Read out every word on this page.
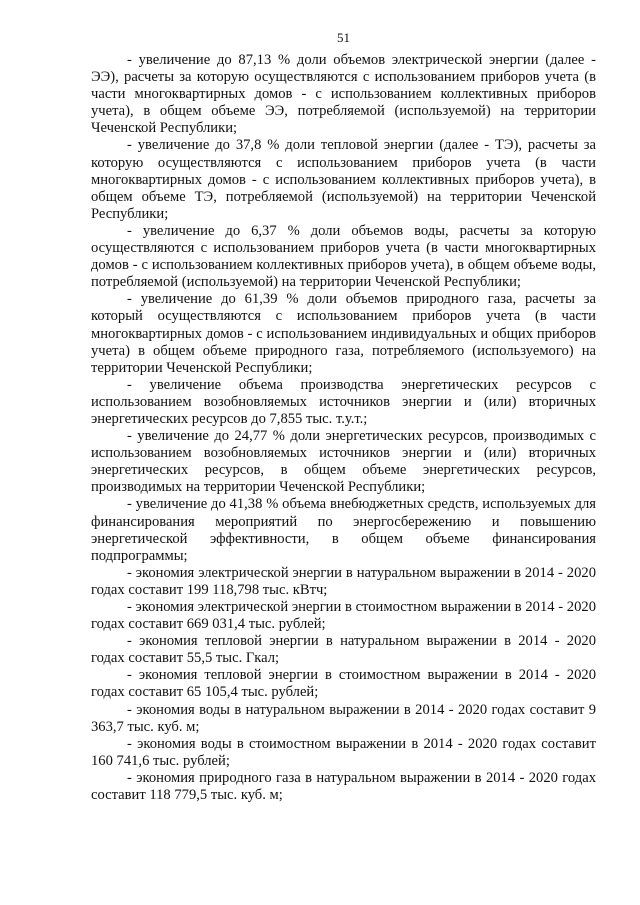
51

- увеличение до 87,13 % доли объемов электрической энергии (далее - ЭЭ), расчеты за которую осуществляются с использованием приборов учета (в части многоквартирных домов - с использованием коллективных приборов учета), в общем объеме ЭЭ, потребляемой (используемой) на территории Чеченской Республики;

- увеличение до 37,8 % доли тепловой энергии (далее - ТЭ), расчеты за которую осуществляются с использованием приборов учета (в части многоквартирных домов - с использованием коллективных приборов учета), в общем объеме ТЭ, потребляемой (используемой) на территории Чеченской Республики;

- увеличение до 6,37 % доли объемов воды, расчеты за которую осуществляются с использованием приборов учета (в части многоквартирных домов - с использованием коллективных приборов учета), в общем объеме воды, потребляемой (используемой) на территории Чеченской Республики;

- увеличение до 61,39 % доли объемов природного газа, расчеты за который осуществляются с использованием приборов учета (в части многоквартирных домов - с использованием индивидуальных и общих приборов учета) в общем объеме природного газа, потребляемого (используемого) на территории Чеченской Республики;

- увеличение объема производства энергетических ресурсов с использованием возобновляемых источников энергии и (или) вторичных энергетических ресурсов до 7,855 тыс. т.у.т.;

- увеличение до 24,77 % доли энергетических ресурсов, производимых с использованием возобновляемых источников энергии и (или) вторичных энергетических ресурсов, в общем объеме энергетических ресурсов, производимых на территории Чеченской Республики;

- увеличение до 41,38 % объема внебюджетных средств, используемых для финансирования мероприятий по энергосбережению и повышению энергетической эффективности, в общем объеме финансирования подпрограммы;

- экономия электрической энергии в натуральном выражении в 2014 - 2020 годах составит 199 118,798 тыс. кВтч;

- экономия электрической энергии в стоимостном выражении в 2014 - 2020 годах составит 669 031,4 тыс. рублей;

- экономия тепловой энергии в натуральном выражении в 2014 - 2020 годах составит 55,5 тыс. Гкал;

- экономия тепловой энергии в стоимостном выражении в 2014 - 2020 годах составит 65 105,4 тыс. рублей;

- экономия воды в натуральном выражении в 2014 - 2020 годах составит 9 363,7 тыс. куб. м;

- экономия воды в стоимостном выражении в 2014 - 2020 годах составит 160 741,6 тыс. рублей;

- экономия природного газа в натуральном выражении в 2014 - 2020 годах составит 118 779,5 тыс. куб. м;
